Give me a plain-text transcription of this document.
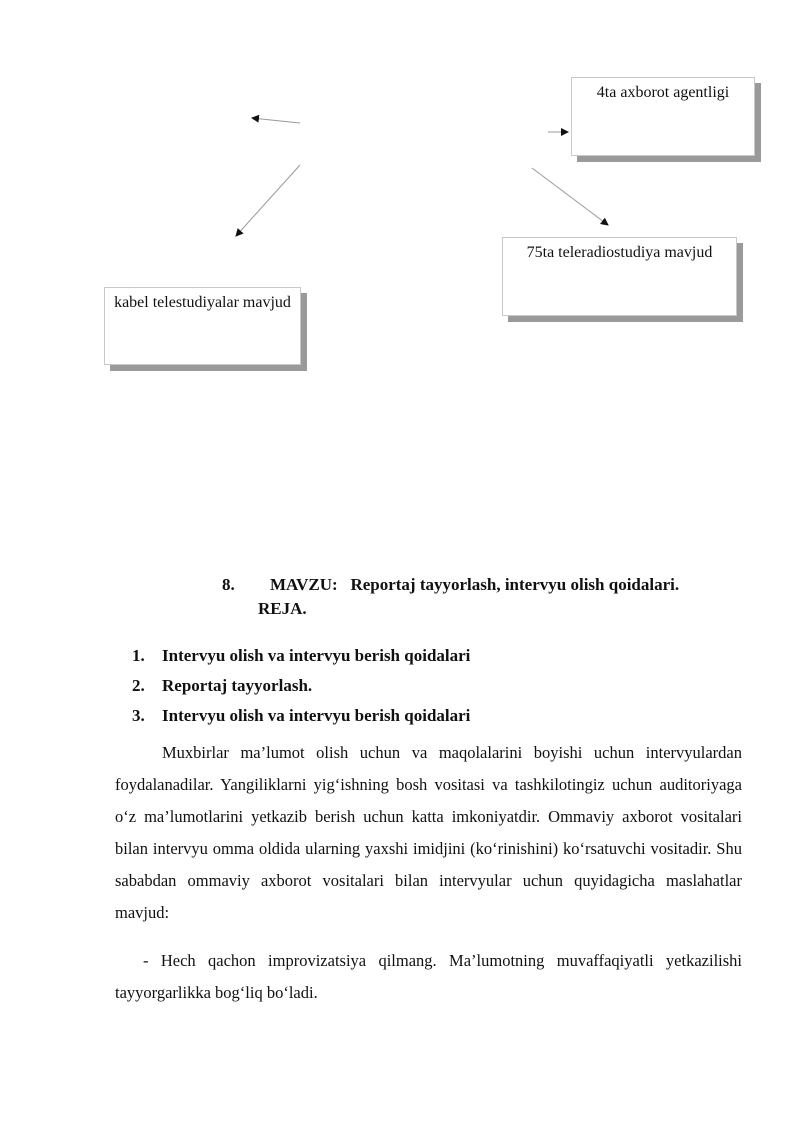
4ta axborot agentligi
75ta teleradiostudiya mavjud
kabel telestudiyalar mavjud
8. MAVZU: Reportaj tayyorlash, intervyu olish qoidalari.
REJA.
1. Intervyu olish va intervyu berish qoidalari
2. Reportaj tayyorlash.
3. Intervyu olish va intervyu berish qoidalari

Muxbirlar ma’lumot olish uchun va maqolalarini boyishi uchun intervyulardan foydalanadilar. Yangiliklarni yig‘ishning bosh vositasi va tashkilotingiz uchun auditoriyaga o‘z ma’lumotlarini yetkazib berish uchun katta imkoniyatdir. Ommaviy axborot vositalari bilan intervyu omma oldida ularning yaxshi imidjini (ko‘rinishini) ko‘rsatuvchi vositadir. Shu sababdan ommaviy axborot vositalari bilan intervyular uchun quyidagicha maslahatlar mavjud:

- Hech qachon improvizatsiya qilmang. Ma’lumotning muvaffaqiyatli yetkazilishi tayyorgarlikka bog‘liq bo‘ladi.
